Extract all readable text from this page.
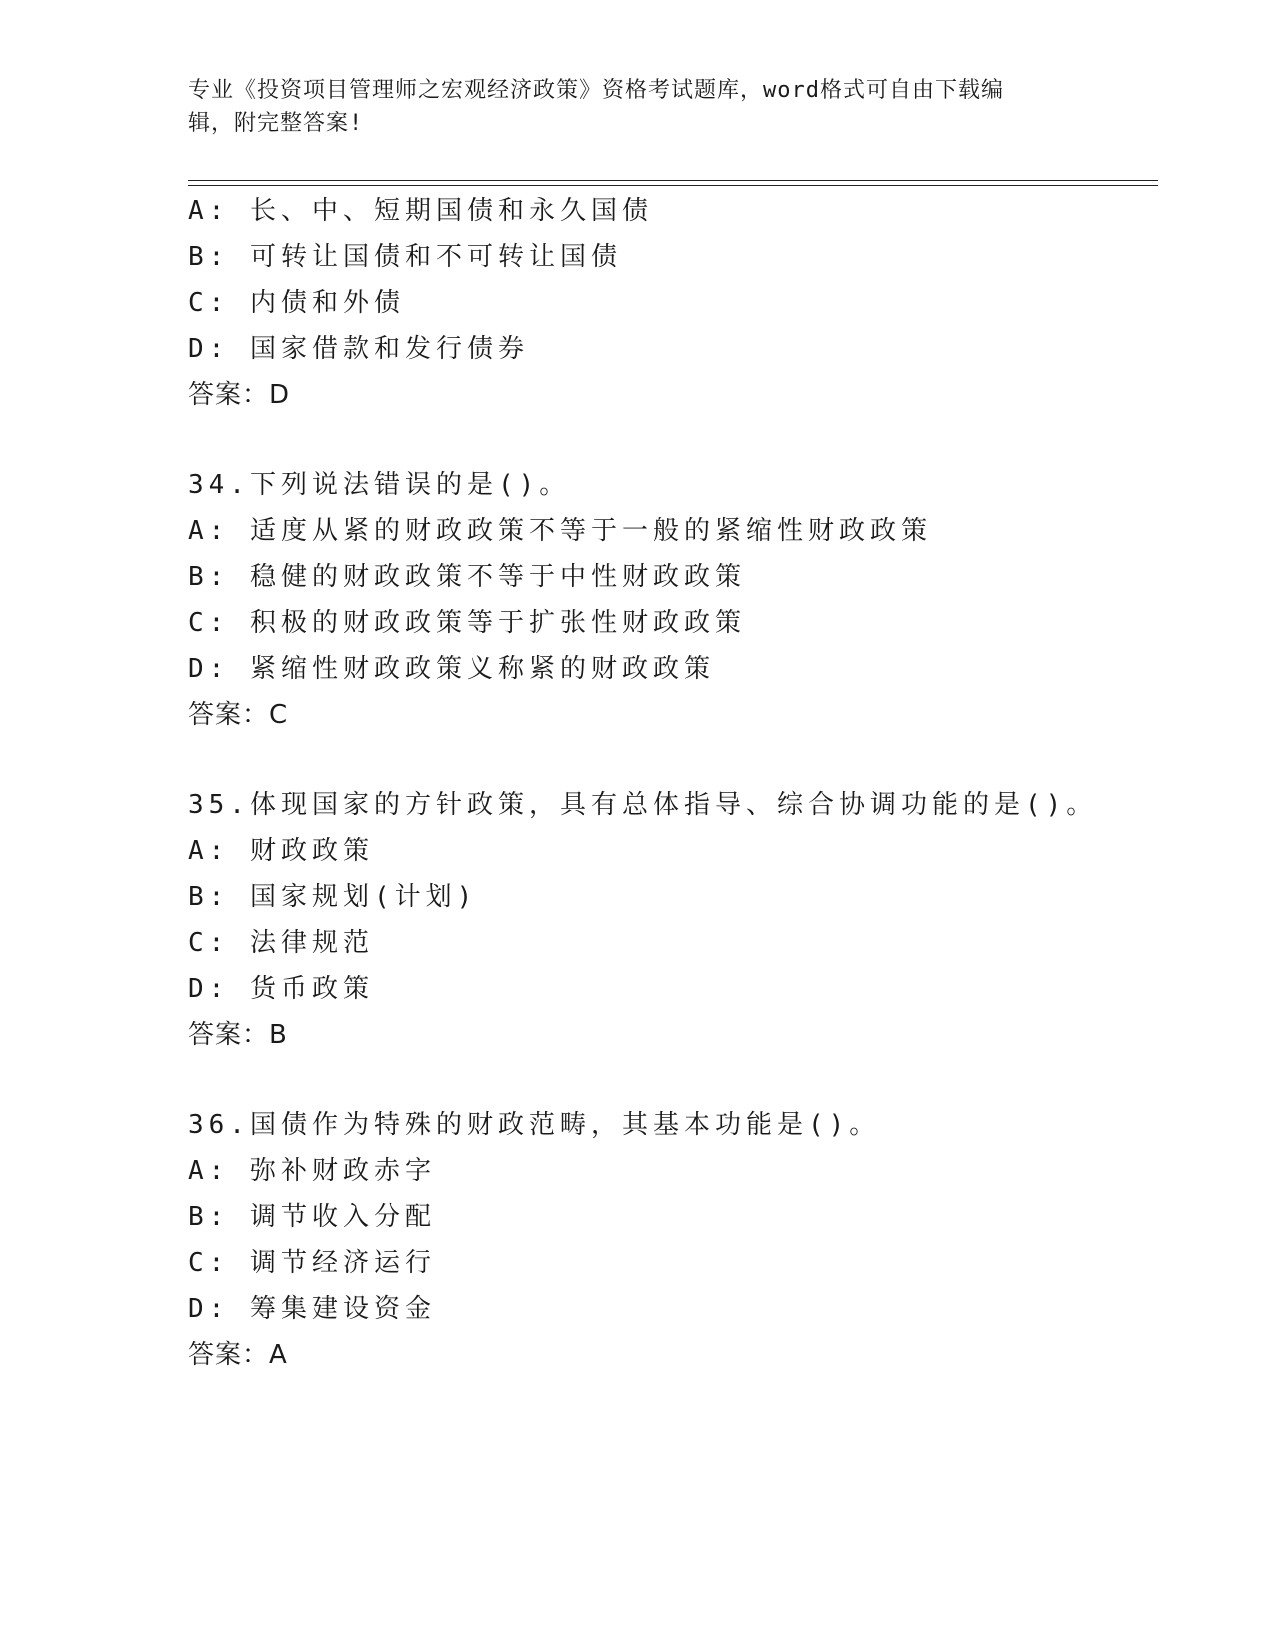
专业《投资项目管理师之宏观经济政策》资格考试题库，word格式可自由下载编
辑，附完整答案!
A: 长、中、短期国债和永久国债
B: 可转让国债和不可转让国债
C: 内债和外债
D: 国家借款和发行债券
答案：D
34.下列说法错误的是()。
A: 适度从紧的财政政策不等于一般的紧缩性财政政策
B: 稳健的财政政策不等于中性财政政策
C: 积极的财政政策等于扩张性财政政策
D: 紧缩性财政政策义称紧的财政政策
答案：C
35.体现国家的方针政策，具有总体指导、综合协调功能的是()。
A: 财政政策
B: 国家规划(计划)
C: 法律规范
D: 货币政策
答案：B
36.国债作为特殊的财政范畴，其基本功能是()。
A: 弥补财政赤字
B: 调节收入分配
C: 调节经济运行
D: 筹集建设资金
答案：A
